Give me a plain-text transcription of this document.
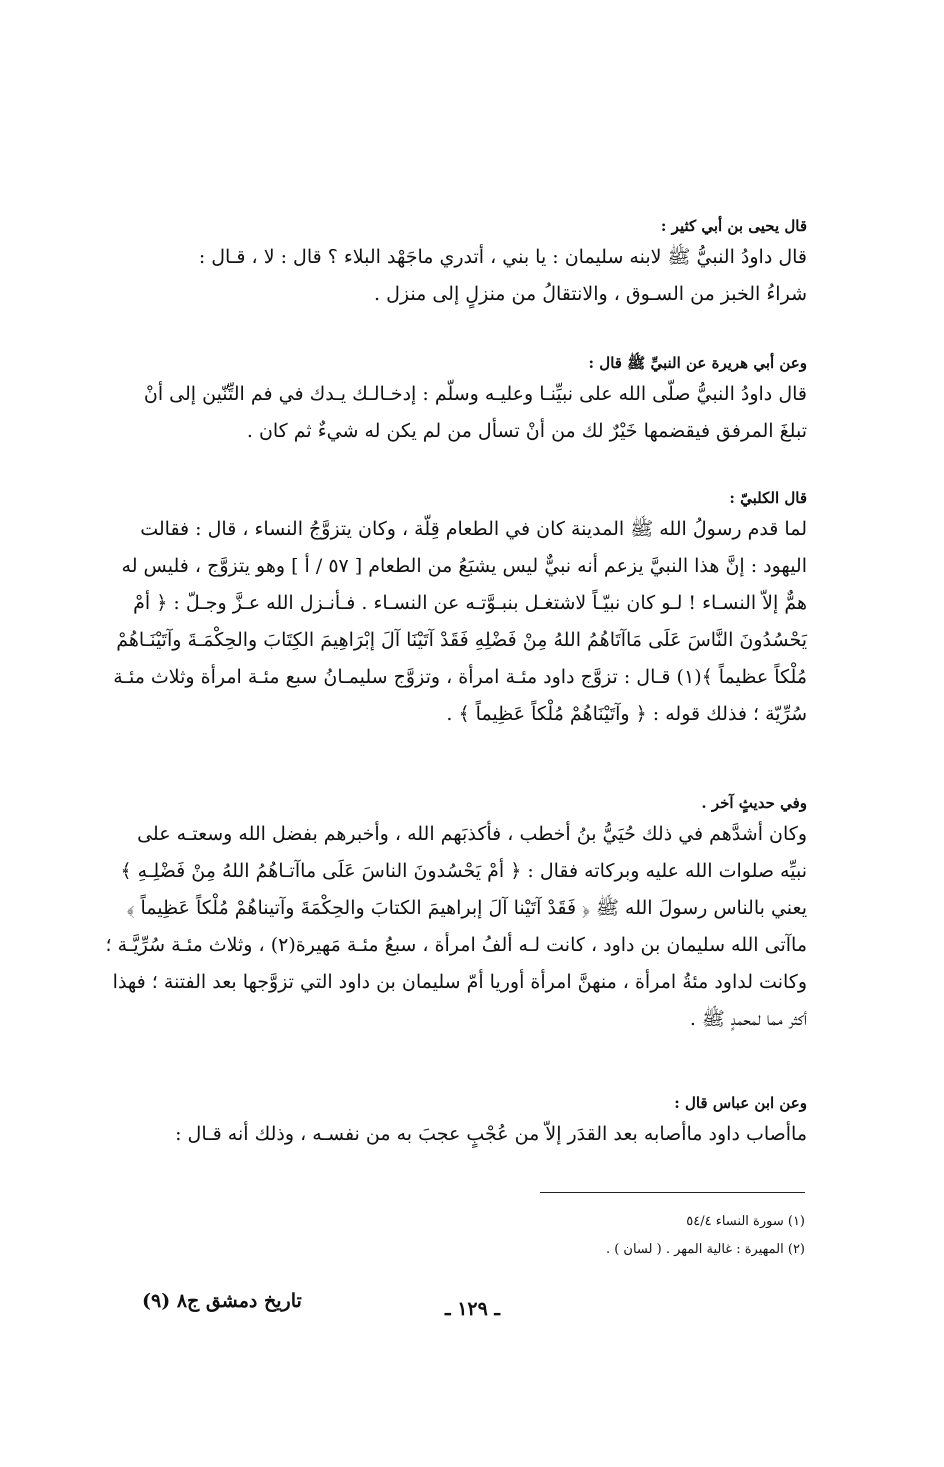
قال يحيى بن أبي كثير :

قال داودُ النبيُّ ﷺ لابنه سليمان : يا بني ، أتدري ماجَهْد البلاء ؟ قال : لا ، قـال :

شراءُ الخبز من السـوق ، والانتقالُ من منزلٍ إلى منزل .

وعن أبي هريرة عن النبيِّ ﷺ قال :

قال داودُ النبيُّ صلّى الله على نبيِّنـا وعليـه وسلّم : إدخـالـك يـدك في فم التِّنّين إلى أنْ

تبلغَ المرفق فيقضمها خَيْرٌ لك من أنْ تسأل من لم يكن له شيءٌ ثم كان .

قال الكلبيّ :

لما قدم رسولُ الله ﷺ المدينة كان في الطعام قِلّة ، وكان يتزوَّجُ النساء ، قال : فقالت

اليهود : إنَّ هذا النبيَّ يزعم أنه نبيٌّ ليس يشبَعُ من الطعام [ ٥٧ / أ ] وهو يتزوَّج ، فليس له

همٌّ إلاّ النسـاء ! لـو كان نبيّـاً لاشتغـل بنبـوَّتـه عن النسـاء . فـأنـزل الله عـزَّ وجـلّ : ﴿ أمْ

يَحْسُدُونَ النَّاسَ عَلَى مَاآتَاهُمُ اللهُ مِنْ فَضْلِهِ فَقَدْ آتَيْنَا آلَ إبْرَاهِيمَ الكِتَابَ والحِكْمَـةَ وآتَيْنَـاهُمْ

مُلْكاً عظيماً ﴾(١) قـال : تزوَّج داود مئـة امرأة ، وتزوَّج سليمـانُ سبع مئـة امرأة وثلاث مئـة

سُرِّيّة ؛ فذلك قوله : ﴿ وآتَيْنَاهُمْ مُلْكاً عَظِيماً ﴾ .

وفي حديثٍ آخر .

وكان أشدَّهم في ذلك حُيَيُّ بنُ أخطب ، فأكذبَهم الله ، وأخبرهم بفضل الله وسعتـه على

نبيِّه صلوات الله عليه وبركاته فقال : ﴿ أمْ يَحْسُدونَ الناسَ عَلَى ماآتـاهُمُ اللهُ مِنْ فَضْلِـهِ ﴾

يعني بالناس رسولَ الله ﷺ ﴿ فَقَدْ آتَيْنا آلَ إبراهيمَ الكتابَ والحِكْمَةَ وآتيناهُمْ مُلْكاً عَظِيماً ﴾

ماآتى الله سليمان بن داود ، كانت لـه ألفُ امرأة ، سبعُ مئـة مَهيرة(٢) ، وثلاث مئـة سُرِّيَّـة ؛

وكانت لداود مئةُ امرأة ، منهنَّ امرأة أوريا أمّ سليمان بن داود التي تزوَّجها بعد الفتنة ؛ فهذا

أكثر مما لمحمدٍ ﷺ .

وعن ابن عباس قال :

ماأصاب داود ماأصابه بعد القدَر إلاّ من عُجْبٍ عجبَ به من نفسـه ، وذلك أنه قـال :

(١) سورة النساء ٥٤/٤

(٢) المهيرة : غالية المهر . ( لسان ) .

تاريخ دمشق ج٨ (٩)	ـ ١٢٩ ـ
